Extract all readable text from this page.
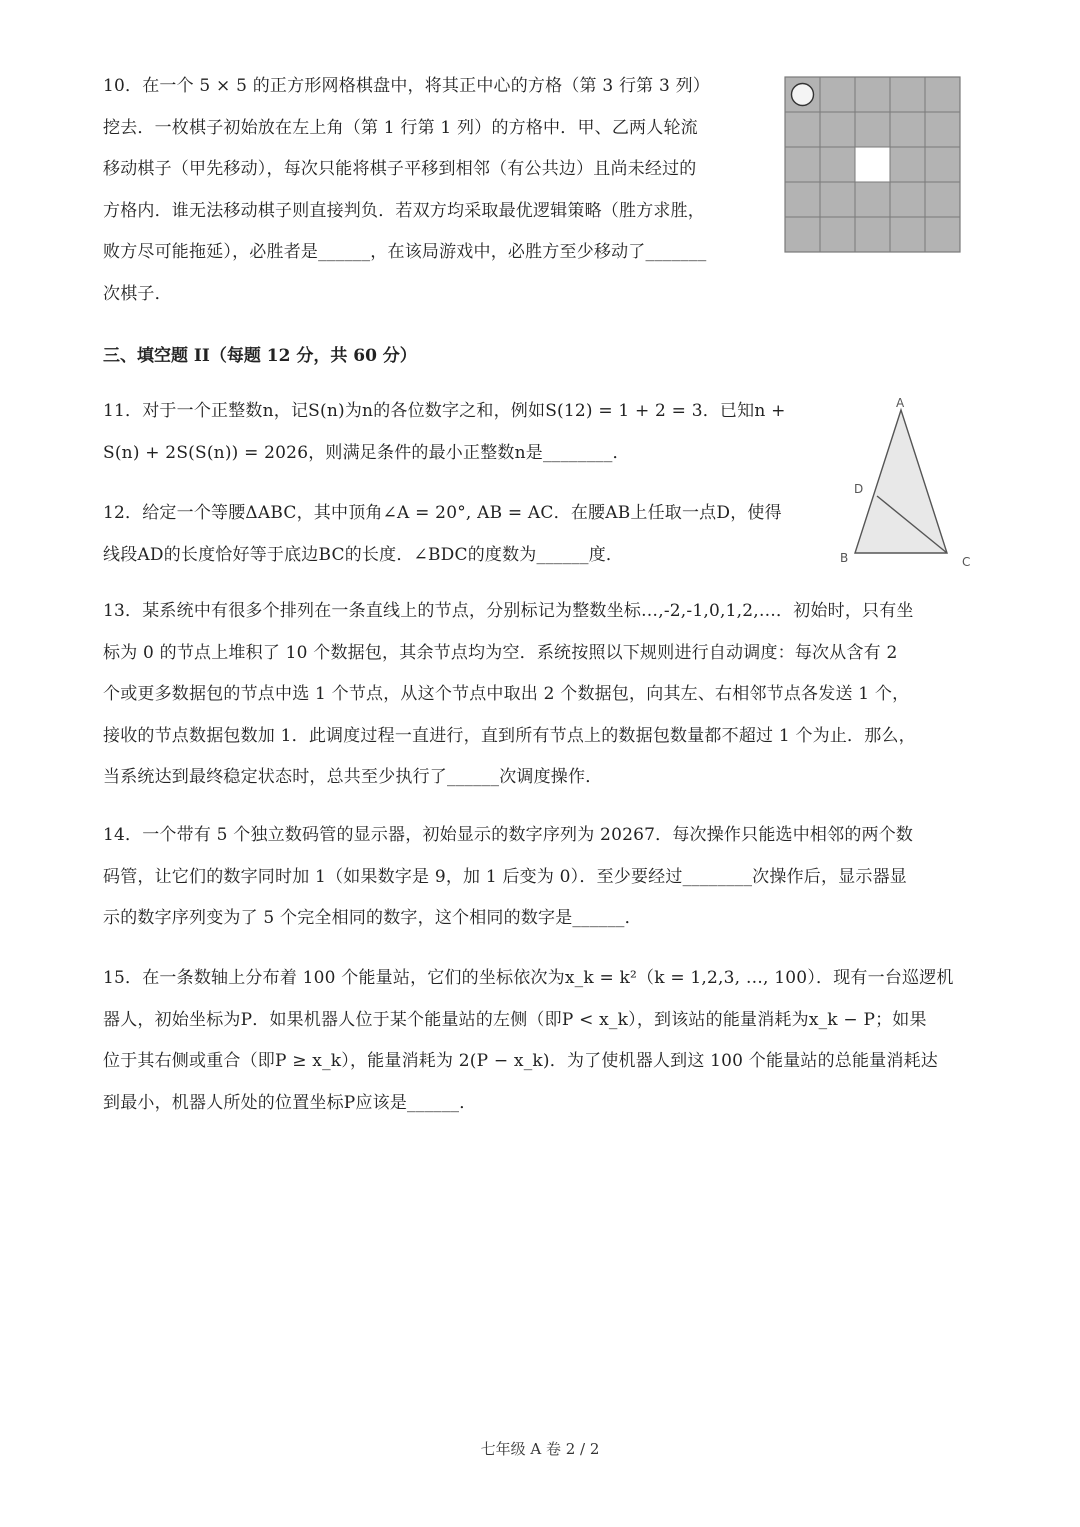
10．在一个 5 × 5 的正方形网格棋盘中，将其正中心的方格（第 3 行第 3 列）

挖去．一枚棋子初始放在左上角（第 1 行第 1 列）的方格中．甲、乙两人轮流

移动棋子（甲先移动），每次只能将棋子平移到相邻（有公共边）且尚未经过的

方格内．谁无法移动棋子则直接判负．若双方均采取最优逻辑策略（胜方求胜，

败方尽可能拖延），必胜者是______，在该局游戏中，必胜方至少移动了_______

次棋子．

三、填空题 II（每题 12 分，共 60 分）

11．对于一个正整数n，记S(n)为n的各位数字之和，例如S(12) = 1 + 2 = 3．已知n +

S(n) + 2S(S(n)) = 2026，则满足条件的最小正整数n是________．

12．给定一个等腰ΔABC，其中顶角∠A = 20°, AB = AC．在腰AB上任取一点D，使得

线段AD的长度恰好等于底边BC的长度．∠BDC的度数为______度．

A
D
B	C

13．某系统中有很多个排列在一条直线上的节点，分别标记为整数坐标…,-2,-1,0,1,2,…．初始时，只有坐

标为 0 的节点上堆积了 10 个数据包，其余节点均为空．系统按照以下规则进行自动调度：每次从含有 2

个或更多数据包的节点中选 1 个节点，从这个节点中取出 2 个数据包，向其左、右相邻节点各发送 1 个，

接收的节点数据包数加 1．此调度过程一直进行，直到所有节点上的数据包数量都不超过 1 个为止．那么，

当系统达到最终稳定状态时，总共至少执行了______次调度操作．

14．一个带有 5 个独立数码管的显示器，初始显示的数字序列为 20267．每次操作只能选中相邻的两个数

码管，让它们的数字同时加 1（如果数字是 9，加 1 后变为 0）．至少要经过________次操作后，显示器显

示的数字序列变为了 5 个完全相同的数字，这个相同的数字是______．

15．在一条数轴上分布着 100 个能量站，它们的坐标依次为x_k = k²（k = 1,2,3, …, 100）．现有一台巡逻机

器人，初始坐标为P．如果机器人位于某个能量站的左侧（即P < x_k），到该站的能量消耗为x_k − P；如果

位于其右侧或重合（即P ≥ x_k），能量消耗为 2(P − x_k)．为了使机器人到这 100 个能量站的总能量消耗达

到最小，机器人所处的位置坐标P应该是______．

七年级 A 卷 2 / 2
